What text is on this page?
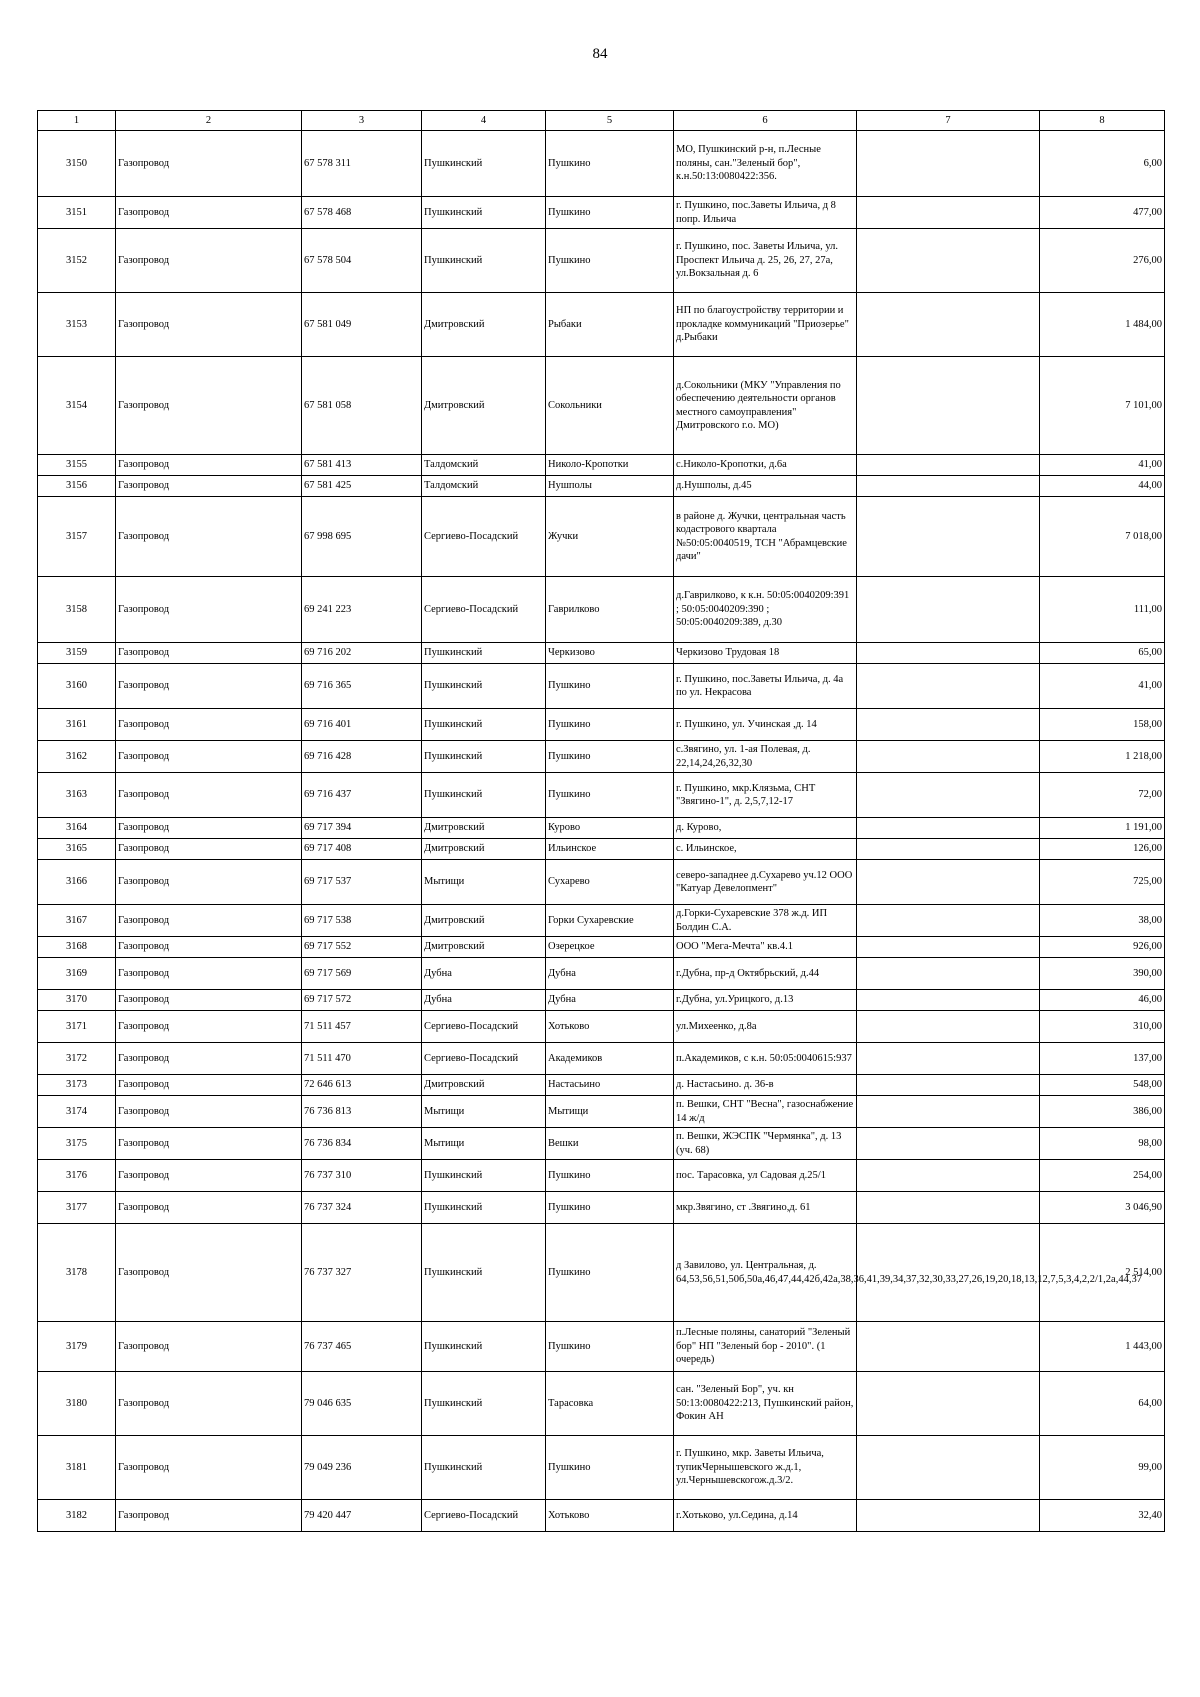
84
1	2	3	4	5	6	7	8
3150	Газопровод	67 578 311	Пушкинский	Пушкино	МО, Пушкинский р-н, п.Лесные поляны, сан."Зеленый бор", к.н.50:13:0080422:356.		6,00
3151	Газопровод	67 578 468	Пушкинский	Пушкино	г. Пушкино, пос.Заветы Ильича, д 8 попр. Ильича		477,00
3152	Газопровод	67 578 504	Пушкинский	Пушкино	г. Пушкино, пос. Заветы Ильича, ул. Проспект Ильича д. 25, 26, 27, 27а, ул.Вокзальная д. 6		276,00
3153	Газопровод	67 581 049	Дмитровский	Рыбаки	НП по благоустройству территории и прокладке коммуникаций "Приозерье" д.Рыбаки		1 484,00
3154	Газопровод	67 581 058	Дмитровский	Сокольники	д.Сокольники (МКУ "Управления по обеспечению деятельности органов местного самоуправления" Дмитровского г.о. МО)		7 101,00
3155	Газопровод	67 581 413	Талдомский	Николо-Кропотки	с.Николо-Кропотки, д.6а		41,00
3156	Газопровод	67 581 425	Талдомский	Нушполы	д.Нушполы, д.45		44,00
3157	Газопровод	67 998 695	Сергиево-Посадский	Жучки	в районе д. Жучки, центральная часть кодастрового квартала №50:05:0040519, ТСН "Абрамцевские дачи"		7 018,00
3158	Газопровод	69 241 223	Сергиево-Посадский	Гаврилково	д.Гаврилково, к к.н. 50:05:0040209:391 ; 50:05:0040209:390 ; 50:05:0040209:389, д.30		111,00
3159	Газопровод	69 716 202	Пушкинский	Черкизово	Черкизово Трудовая 18		65,00
3160	Газопровод	69 716 365	Пушкинский	Пушкино	г. Пушкино, пос.Заветы Ильича, д. 4а по ул. Некрасова		41,00
3161	Газопровод	69 716 401	Пушкинский	Пушкино	г. Пушкино, ул. Учинская ,д. 14		158,00
3162	Газопровод	69 716 428	Пушкинский	Пушкино	с.Звягино, ул. 1-ая Полевая, д. 22,14,24,26,32,30		1 218,00
3163	Газопровод	69 716 437	Пушкинский	Пушкино	г. Пушкино, мкр.Клязьма, СНТ "Звягино-1", д. 2,5,7,12-17		72,00
3164	Газопровод	69 717 394	Дмитровский	Курово	д. Курово,		1 191,00
3165	Газопровод	69 717 408	Дмитровский	Ильинское	с. Ильинское,		126,00
3166	Газопровод	69 717 537	Мытищи	Сухарево	северо-западнее д.Сухарево уч.12 ООО "Катуар Девелопмент"		725,00
3167	Газопровод	69 717 538	Дмитровский	Горки Сухаревские	д.Горки-Сухаревские 378 ж.д. ИП Болдин С.А.		38,00
3168	Газопровод	69 717 552	Дмитровский	Озерецкое	ООО "Мега-Мечта" кв.4.1		926,00
3169	Газопровод	69 717 569	Дубна	Дубна	г.Дубна, пр-д Октябрьский, д.44		390,00
3170	Газопровод	69 717 572	Дубна	Дубна	г.Дубна, ул.Урицкого, д.13		46,00
3171	Газопровод	71 511 457	Сергиево-Посадский	Хотьково	ул.Михеенко, д.8а		310,00
3172	Газопровод	71 511 470	Сергиево-Посадский	Академиков	п.Академиков, с к.н. 50:05:0040615:937		137,00
3173	Газопровод	72 646 613	Дмитровский	Настасьино	д. Настасьино. д. 36-в		548,00
3174	Газопровод	76 736 813	Мытищи	Мытищи	п. Вешки, СНТ "Весна", газоснабжение 14 ж/д		386,00
3175	Газопровод	76 736 834	Мытищи	Вешки	п. Вешки, ЖЭСПК "Чермянка", д. 13 (уч. 68)		98,00
3176	Газопровод	76 737 310	Пушкинский	Пушкино	пос. Тарасовка, ул Садовая д.25/1		254,00
3177	Газопровод	76 737 324	Пушкинский	Пушкино	мкр.Звягино, ст .Звягино,д. 61		3 046,90
3178	Газопровод	76 737 327	Пушкинский	Пушкино	д Завилово, ул. Центральная, д. 64,53,56,51,50б,50а,46,47,44,42б,42а,38,36,41,39,34,37,32,30,33,27,26,19,20,18,13,12,7,5,3,4,2,2/1,2а,44,37		2 514,00
3179	Газопровод	76 737 465	Пушкинский	Пушкино	п.Лесные поляны, санаторий "Зеленый бор" НП "Зеленый бор - 2010". (1 очередь)		1 443,00
3180	Газопровод	79 046 635	Пушкинский	Тарасовка	сан. "Зеленый Бор", уч. кн 50:13:0080422:213, Пушкинский район, Фокин АН		64,00
3181	Газопровод	79 049 236	Пушкинский	Пушкино	г. Пушкино, мкр. Заветы Ильича, тупикЧернышевского ж.д.1, ул.Чернышевскогож.д.3/2.		99,00
3182	Газопровод	79 420 447	Сергиево-Посадский	Хотьково	г.Хотьково, ул.Седина, д.14		32,40
